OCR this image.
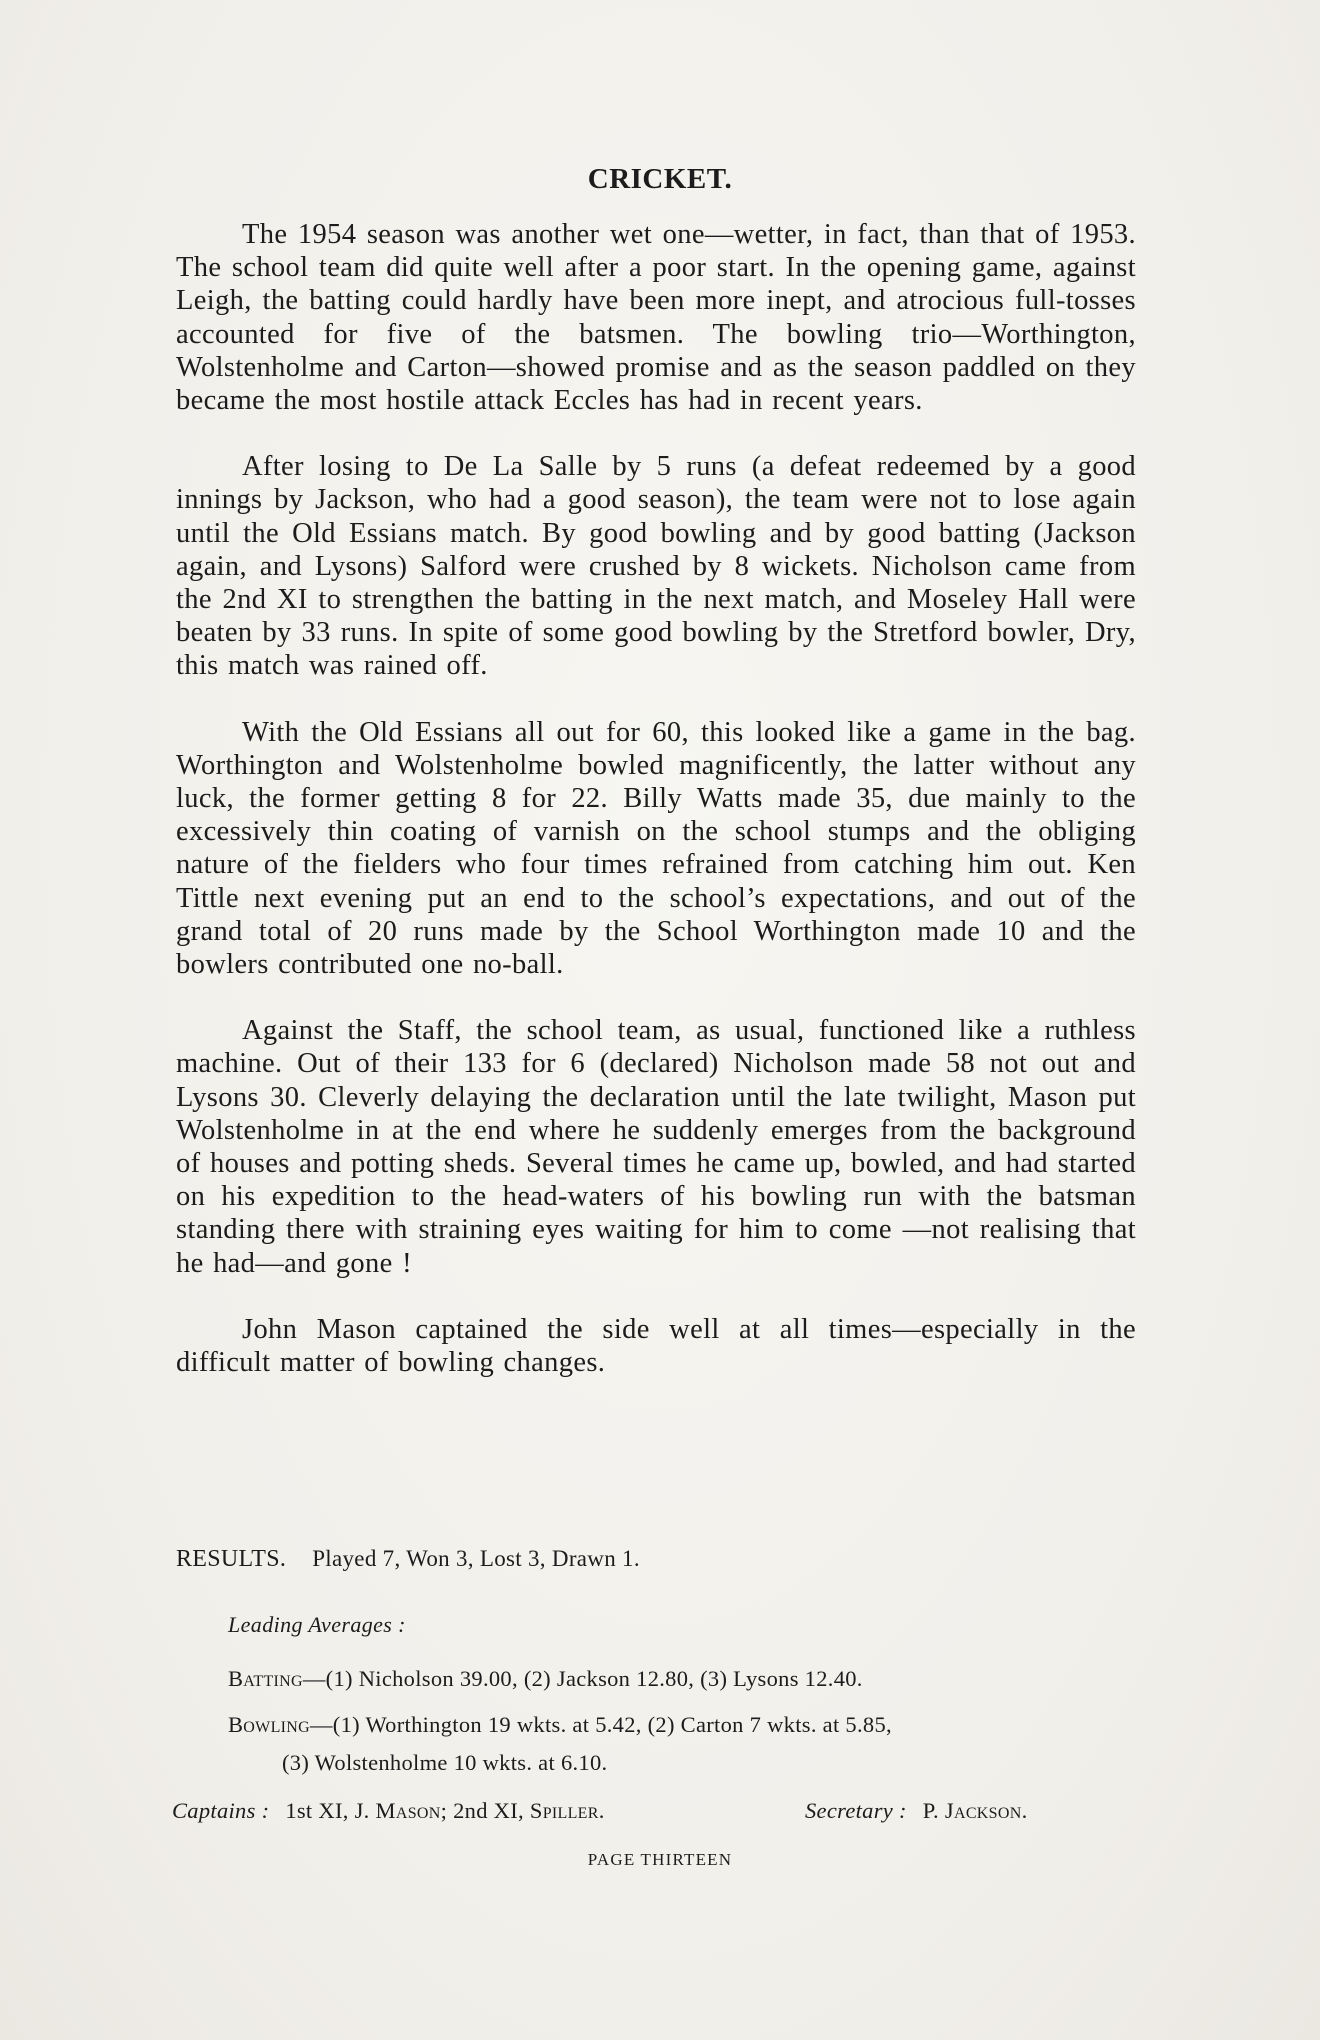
CRICKET.

The 1954 season was another wet one—wetter, in fact, than that of 1953. The school team did quite well after a poor start. In the opening game, against Leigh, the batting could hardly have been more inept, and atrocious full-tosses accounted for five of the batsmen. The bowling trio—Worthington, Wolstenholme and Carton—showed promise and as the season paddled on they became the most hostile attack Eccles has had in recent years.

After losing to De La Salle by 5 runs (a defeat redeemed by a good innings by Jackson, who had a good season), the team were not to lose again until the Old Essians match. By good bowling and by good batting (Jackson again, and Lysons) Salford were crushed by 8 wickets. Nicholson came from the 2nd XI to strengthen the batting in the next match, and Moseley Hall were beaten by 33 runs. In spite of some good bowling by the Stretford bowler, Dry, this match was rained off.

With the Old Essians all out for 60, this looked like a game in the bag. Worthington and Wolstenholme bowled magnificently, the latter without any luck, the former getting 8 for 22. Billy Watts made 35, due mainly to the excessively thin coating of varnish on the school stumps and the obliging nature of the fielders who four times refrained from catching him out. Ken Tittle next evening put an end to the school’s expectations, and out of the grand total of 20 runs made by the School Worthington made 10 and the bowlers contributed one no-ball.

Against the Staff, the school team, as usual, functioned like a ruthless machine. Out of their 133 for 6 (declared) Nicholson made 58 not out and Lysons 30. Cleverly delaying the declaration until the late twilight, Mason put Wolstenholme in at the end where he suddenly emerges from the background of houses and potting sheds. Several times he came up, bowled, and had started on his expedition to the head-waters of his bowling run with the batsman standing there with straining eyes waiting for him to come —not realising that he had—and gone !

John Mason captained the side well at all times—especially in the difficult matter of bowling changes.

RESULTS. Played 7, Won 3, Lost 3, Drawn 1.
Leading Averages :
Batting—(1) Nicholson 39.00, (2) Jackson 12.80, (3) Lysons 12.40.
Bowling—(1) Worthington 19 wkts. at 5.42, (2) Carton 7 wkts. at 5.85,
(3) Wolstenholme 10 wkts. at 6.10.
Captains : 1st XI, J. Mason; 2nd XI, Spiller.	Secretary : P. Jackson.
PAGE THIRTEEN
